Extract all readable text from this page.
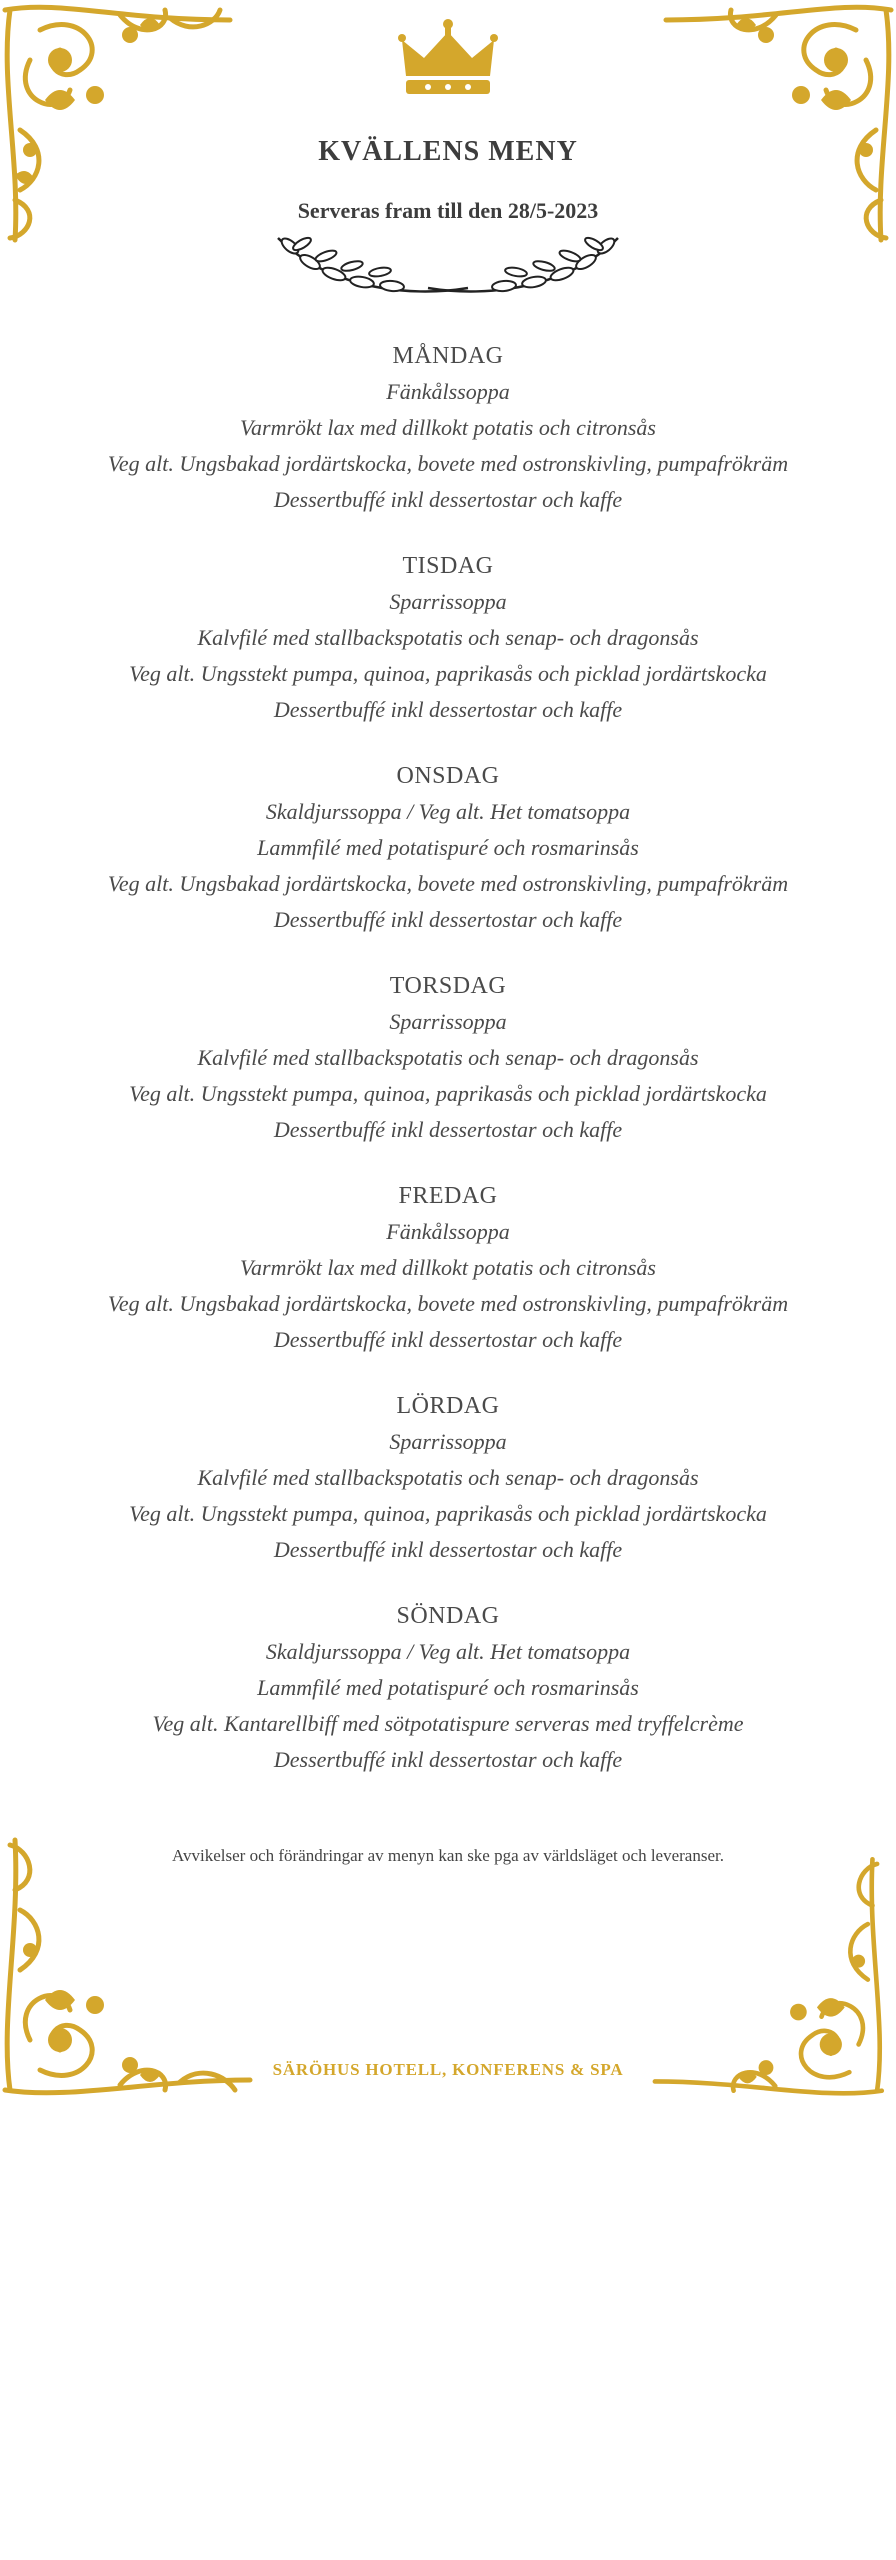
KVÄLLENS MENY
Serveras fram till den 28/5-2023
MÅNDAG
Fänkålssoppa
Varmrökt lax med dillkokt potatis och citronsås
Veg alt. Ungsbakad jordärtskocka, bovete med ostronskivling, pumpafrökräm
Dessertbuffé inkl dessertostar och kaffe
TISDAG
Sparrissoppa
Kalvfilé med stallbackspotatis och senap- och dragonsås
Veg alt. Ungsstekt pumpa, quinoa, paprikasås och picklad jordärtskocka
Dessertbuffé inkl dessertostar och kaffe
ONSDAG
Skaldjurssoppa / Veg alt. Het tomatsoppa
Lammfilé med potatispuré och rosmarinsås
Veg alt. Ungsbakad jordärtskocka, bovete med ostronskivling, pumpafrökräm
Dessertbuffé inkl dessertostar och kaffe
TORSDAG
Sparrissoppa
Kalvfilé med stallbackspotatis och senap- och dragonsås
Veg alt. Ungsstekt pumpa, quinoa, paprikasås och picklad jordärtskocka
Dessertbuffé inkl dessertostar och kaffe
FREDAG
Fänkålssoppa
Varmrökt lax med dillkokt potatis och citronsås
Veg alt. Ungsbakad jordärtskocka, bovete med ostronskivling, pumpafrökräm
Dessertbuffé inkl dessertostar och kaffe
LÖRDAG
Sparrissoppa
Kalvfilé med stallbackspotatis och senap- och dragonsås
Veg alt. Ungsstekt pumpa, quinoa, paprikasås och picklad jordärtskocka
Dessertbuffé inkl dessertostar och kaffe
SÖNDAG
Skaldjurssoppa / Veg alt. Het tomatsoppa
Lammfilé med potatispuré och rosmarinsås
Veg alt. Kantarellbiff med sötpotatispure serveras med tryffelcrème
Dessertbuffé inkl dessertostar och kaffe
Avvikelser och förändringar av menyn kan ske pga av världsläget och leveranser.
SÄRÖHUS HOTELL, KONFERENS & SPA
